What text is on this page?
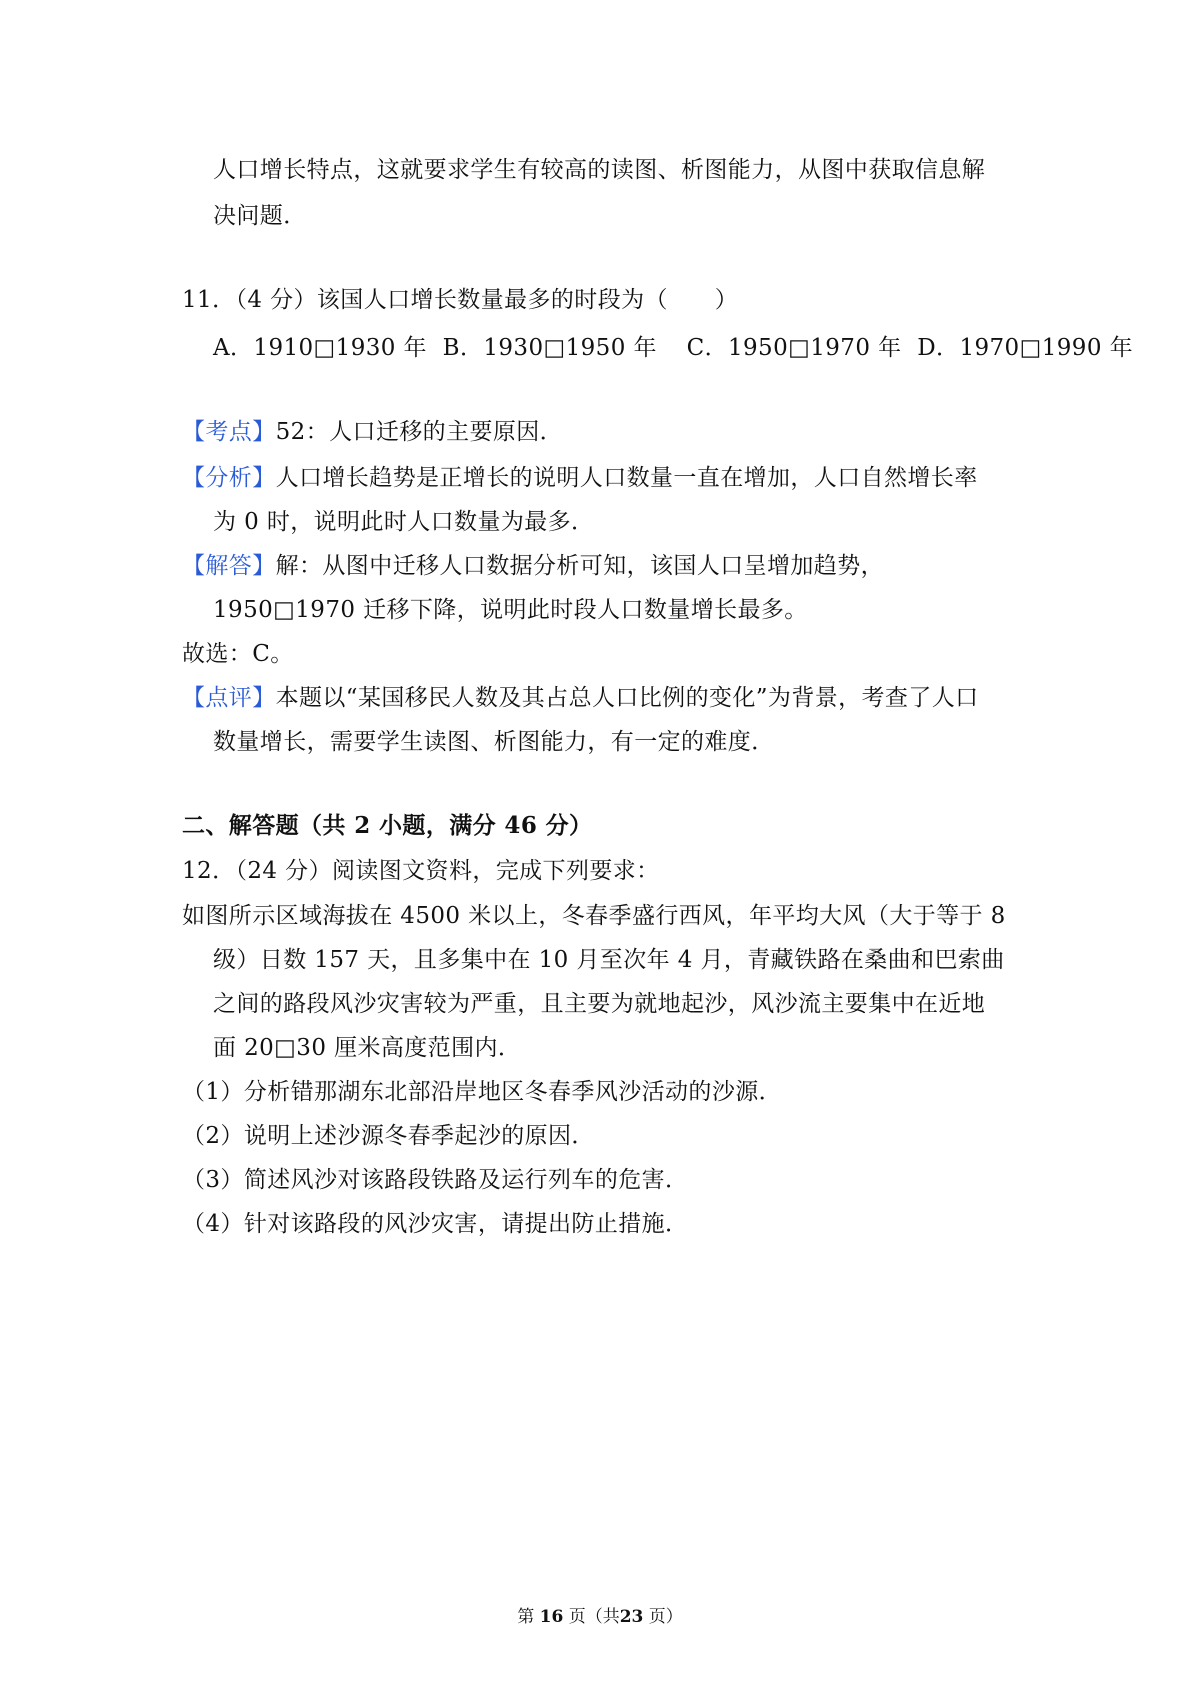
人口增长特点，这就要求学生有较高的读图、析图能力，从图中获取信息解
决问题．
11．（4 分）该国人口增长数量最多的时段为（　　）
A．1910□1930 年 B．1930□1950 年 C．1950□1970 年 D．1970□1990 年
【考点】52：人口迁移的主要原因．
【分析】人口增长趋势是正增长的说明人口数量一直在增加，人口自然增长率
为 0 时，说明此时人口数量为最多．
【解答】解：从图中迁移人口数据分析可知，该国人口呈增加趋势，
1950□1970 迁移下降，说明此时段人口数量增长最多。
故选：C。
【点评】本题以“某国移民人数及其占总人口比例的变化”为背景，考查了人口
数量增长，需要学生读图、析图能力，有一定的难度．
二、解答题（共 2 小题，满分 46 分）
12．（24 分）阅读图文资料，完成下列要求：
如图所示区域海拔在 4500 米以上，冬春季盛行西风，年平均大风（大于等于 8
级）日数 157 天，且多集中在 10 月至次年 4 月，青藏铁路在桑曲和巴索曲
之间的路段风沙灾害较为严重，且主要为就地起沙，风沙流主要集中在近地
面 20□30 厘米高度范围内．
（1）分析错那湖东北部沿岸地区冬春季风沙活动的沙源．
（2）说明上述沙源冬春季起沙的原因．
（3）简述风沙对该路段铁路及运行列车的危害．
（4）针对该路段的风沙灾害，请提出防止措施．
第 16 页（共23 页）
